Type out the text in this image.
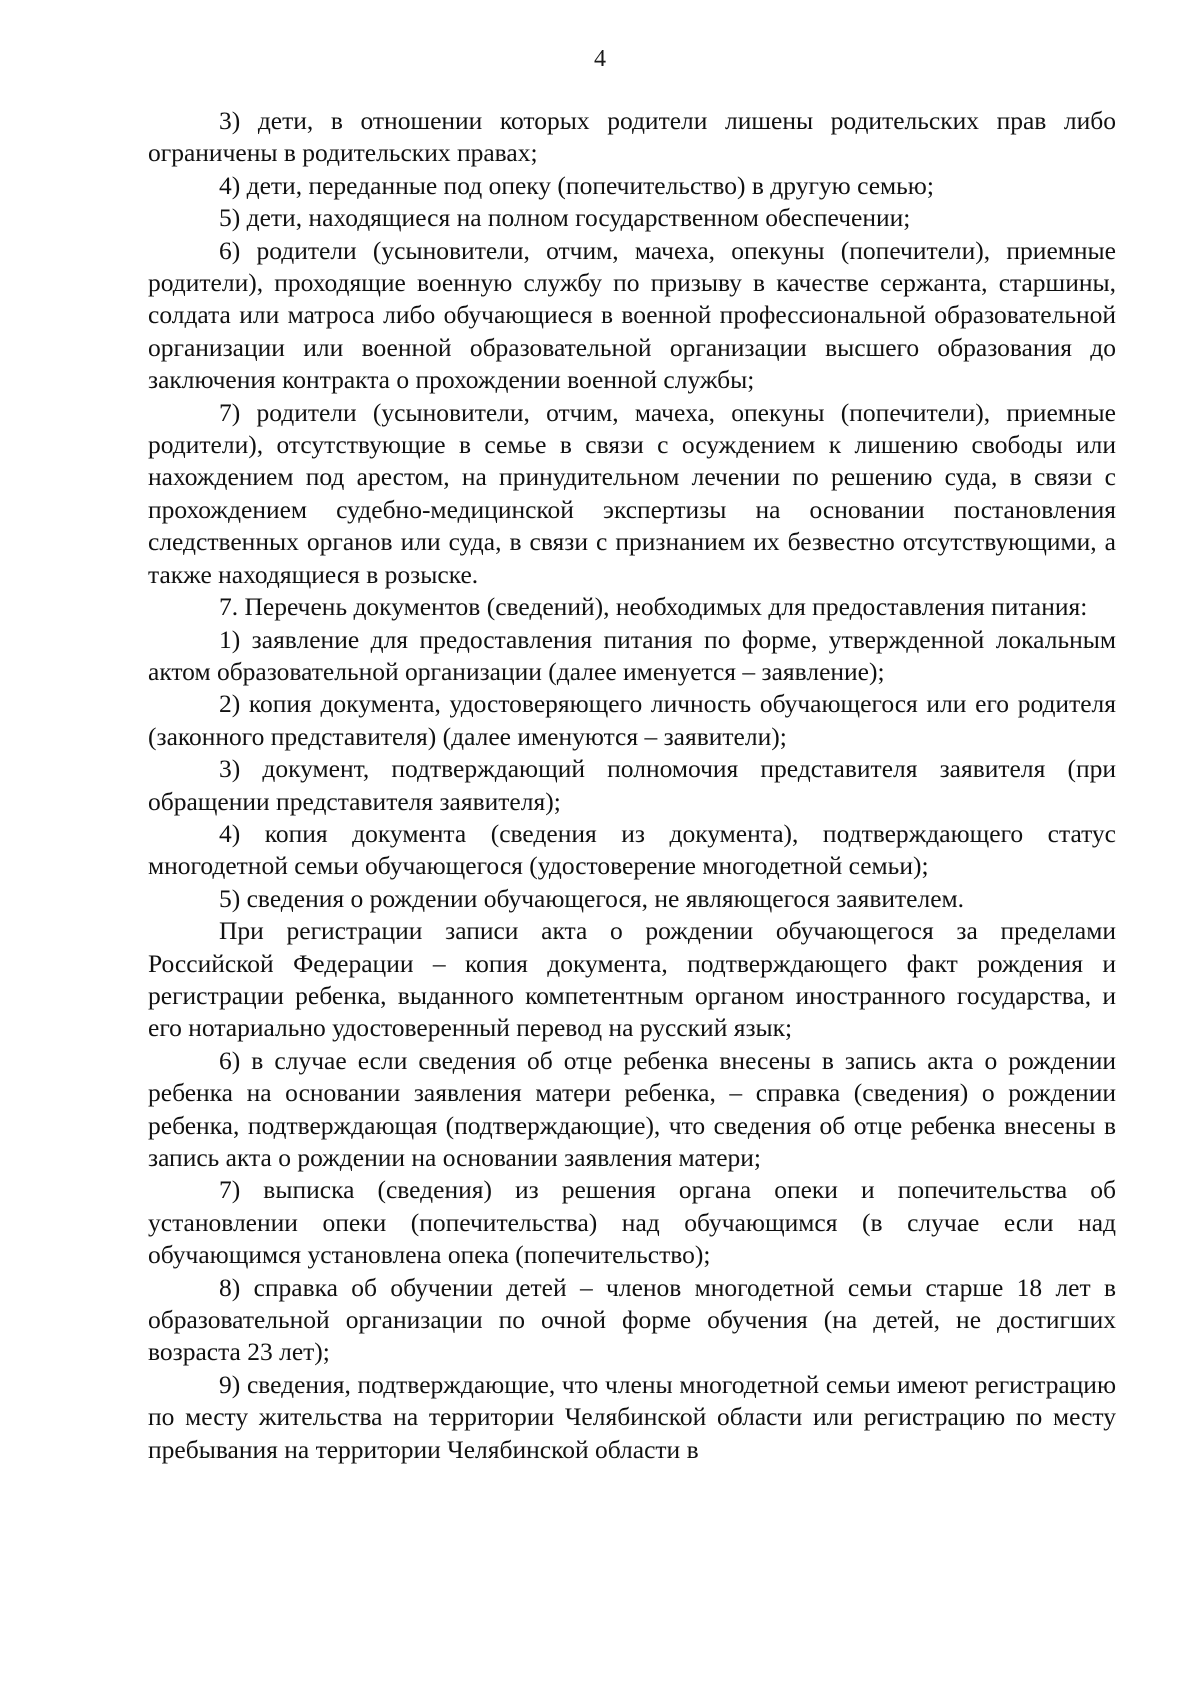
4

3) дети, в отношении которых родители лишены родительских прав либо ограничены в родительских правах;

4) дети, переданные под опеку (попечительство) в другую семью;

5) дети, находящиеся на полном государственном обеспечении;

6) родители (усыновители, отчим, мачеха, опекуны (попечители), приемные родители), проходящие военную службу по призыву в качестве сержанта, старшины, солдата или матроса либо обучающиеся в военной профессиональной образовательной организации или военной образовательной организации высшего образования до заключения контракта о прохождении военной службы;

7) родители (усыновители, отчим, мачеха, опекуны (попечители), приемные родители), отсутствующие в семье в связи с осуждением к лишению свободы или нахождением под арестом, на принудительном лечении по решению суда, в связи с прохождением судебно-медицинской экспертизы на основании постановления следственных органов или суда, в связи с признанием их безвестно отсутствующими, а также находящиеся в розыске.

7. Перечень документов (сведений), необходимых для предоставления питания:

1) заявление для предоставления питания по форме, утвержденной локальным актом образовательной организации (далее именуется – заявление);

2) копия документа, удостоверяющего личность обучающегося или его родителя (законного представителя) (далее именуются – заявители);

3) документ, подтверждающий полномочия представителя заявителя (при обращении представителя заявителя);

4) копия документа (сведения из документа), подтверждающего статус многодетной семьи обучающегося (удостоверение многодетной семьи);

5) сведения о рождении обучающегося, не являющегося заявителем.

При регистрации записи акта о рождении обучающегося за пределами Российской Федерации – копия документа, подтверждающего факт рождения и регистрации ребенка, выданного компетентным органом иностранного государства, и его нотариально удостоверенный перевод на русский язык;

6) в случае если сведения об отце ребенка внесены в запись акта о рождении ребенка на основании заявления матери ребенка, – справка (сведения) о рождении ребенка, подтверждающая (подтверждающие), что сведения об отце ребенка внесены в запись акта о рождении на основании заявления матери;

7) выписка (сведения) из решения органа опеки и попечительства об установлении опеки (попечительства) над обучающимся (в случае если над обучающимся установлена опека (попечительство);

8) справка об обучении детей – членов многодетной семьи старше 18 лет в образовательной организации по очной форме обучения (на детей, не достигших возраста 23 лет);

9) сведения, подтверждающие, что члены многодетной семьи имеют регистрацию по месту жительства на территории Челябинской области или регистрацию по месту пребывания на территории Челябинской области в
